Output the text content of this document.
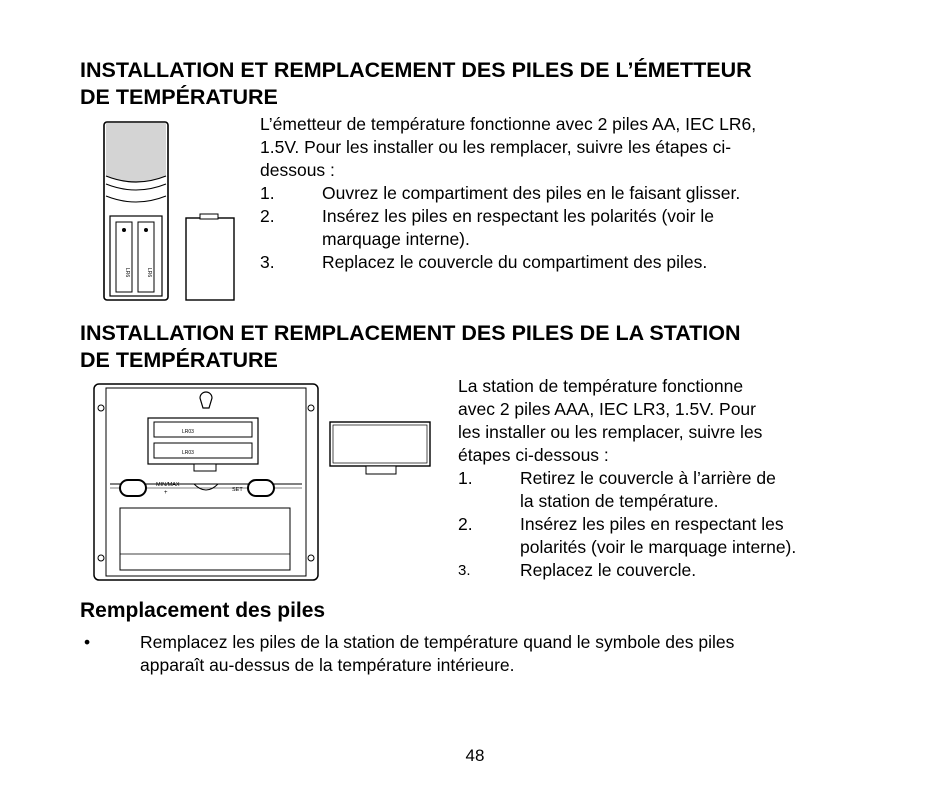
INSTALLATION ET REMPLACEMENT DES PILES DE L’ÉMETTEUR
DE TEMPÉRATURE
L’émetteur de température fonctionne avec 2 piles AA, IEC LR6,
1.5V. Pour les installer ou les remplacer, suivre les étapes ci-
dessous :
1.	Ouvrez le compartiment des piles en le faisant glisser.
2.	Insérez les piles en respectant les polarités (voir le
marquage interne).
3.	Replacez le couvercle du compartiment des piles.
LR6	LR6
INSTALLATION ET REMPLACEMENT DES PILES DE LA STATION
DE TEMPÉRATURE
La station de température fonctionne
avec 2 piles AAA, IEC LR3, 1.5V. Pour
les installer ou les remplacer, suivre les
étapes ci-dessous :
1.	Retirez le couvercle à l’arrière de
la station de température.
2.	Insérez les piles en respectant les
polarités (voir le marquage interne).
3.	Replacez le couvercle.
LR03
LR03
MIN/MAX
+	SET
Remplacement des piles
•	Remplacez les piles de la station de température quand le symbole des piles
apparaît au-dessus de la température intérieure.
48
